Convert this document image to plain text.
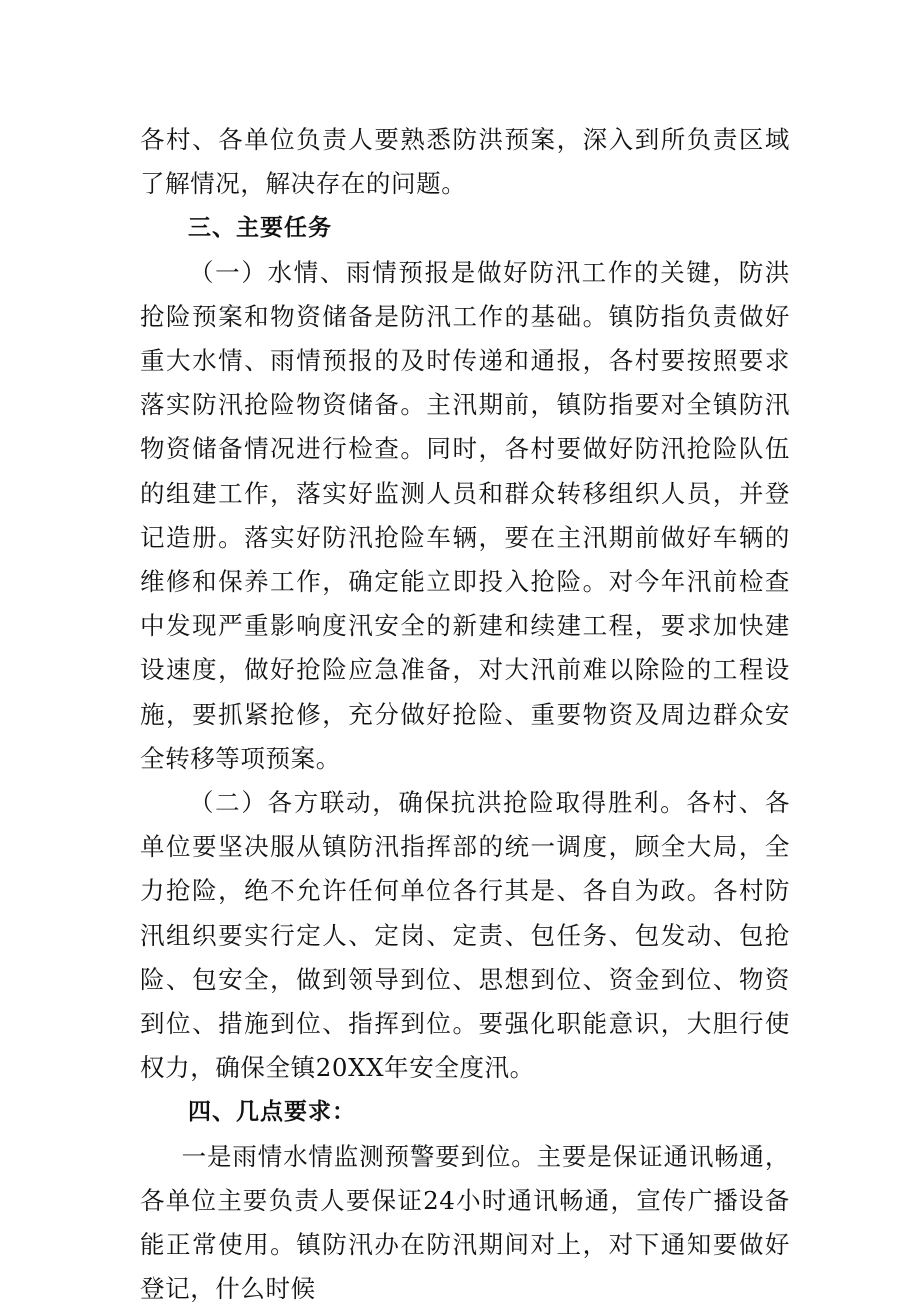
各村、各单位负责人要熟悉防洪预案，深入到所负责区域了解情况，解决存在的问题。

三、主要任务

（一）水情、雨情预报是做好防汛工作的关键，防洪抢险预案和物资储备是防汛工作的基础。镇防指负责做好重大水情、雨情预报的及时传递和通报，各村要按照要求落实防汛抢险物资储备。主汛期前，镇防指要对全镇防汛物资储备情况进行检查。同时，各村要做好防汛抢险队伍的组建工作，落实好监测人员和群众转移组织人员，并登记造册。落实好防汛抢险车辆，要在主汛期前做好车辆的维修和保养工作，确定能立即投入抢险。对今年汛前检查中发现严重影响度汛安全的新建和续建工程，要求加快建设速度，做好抢险应急准备，对大汛前难以除险的工程设施，要抓紧抢修，充分做好抢险、重要物资及周边群众安全转移等项预案。

（二）各方联动，确保抗洪抢险取得胜利。各村、各单位要坚决服从镇防汛指挥部的统一调度，顾全大局，全力抢险，绝不允许任何单位各行其是、各自为政。各村防汛组织要实行定人、定岗、定责、包任务、包发动、包抢险、包安全，做到领导到位、思想到位、资金到位、物资到位、措施到位、指挥到位。要强化职能意识，大胆行使权力，确保全镇20XX年安全度汛。

四、几点要求：

一是雨情水情监测预警要到位。主要是保证通讯畅通，各单位主要负责人要保证24小时通讯畅通，宣传广播设备能正常使用。镇防汛办在防汛期间对上，对下通知要做好登记，什么时候
